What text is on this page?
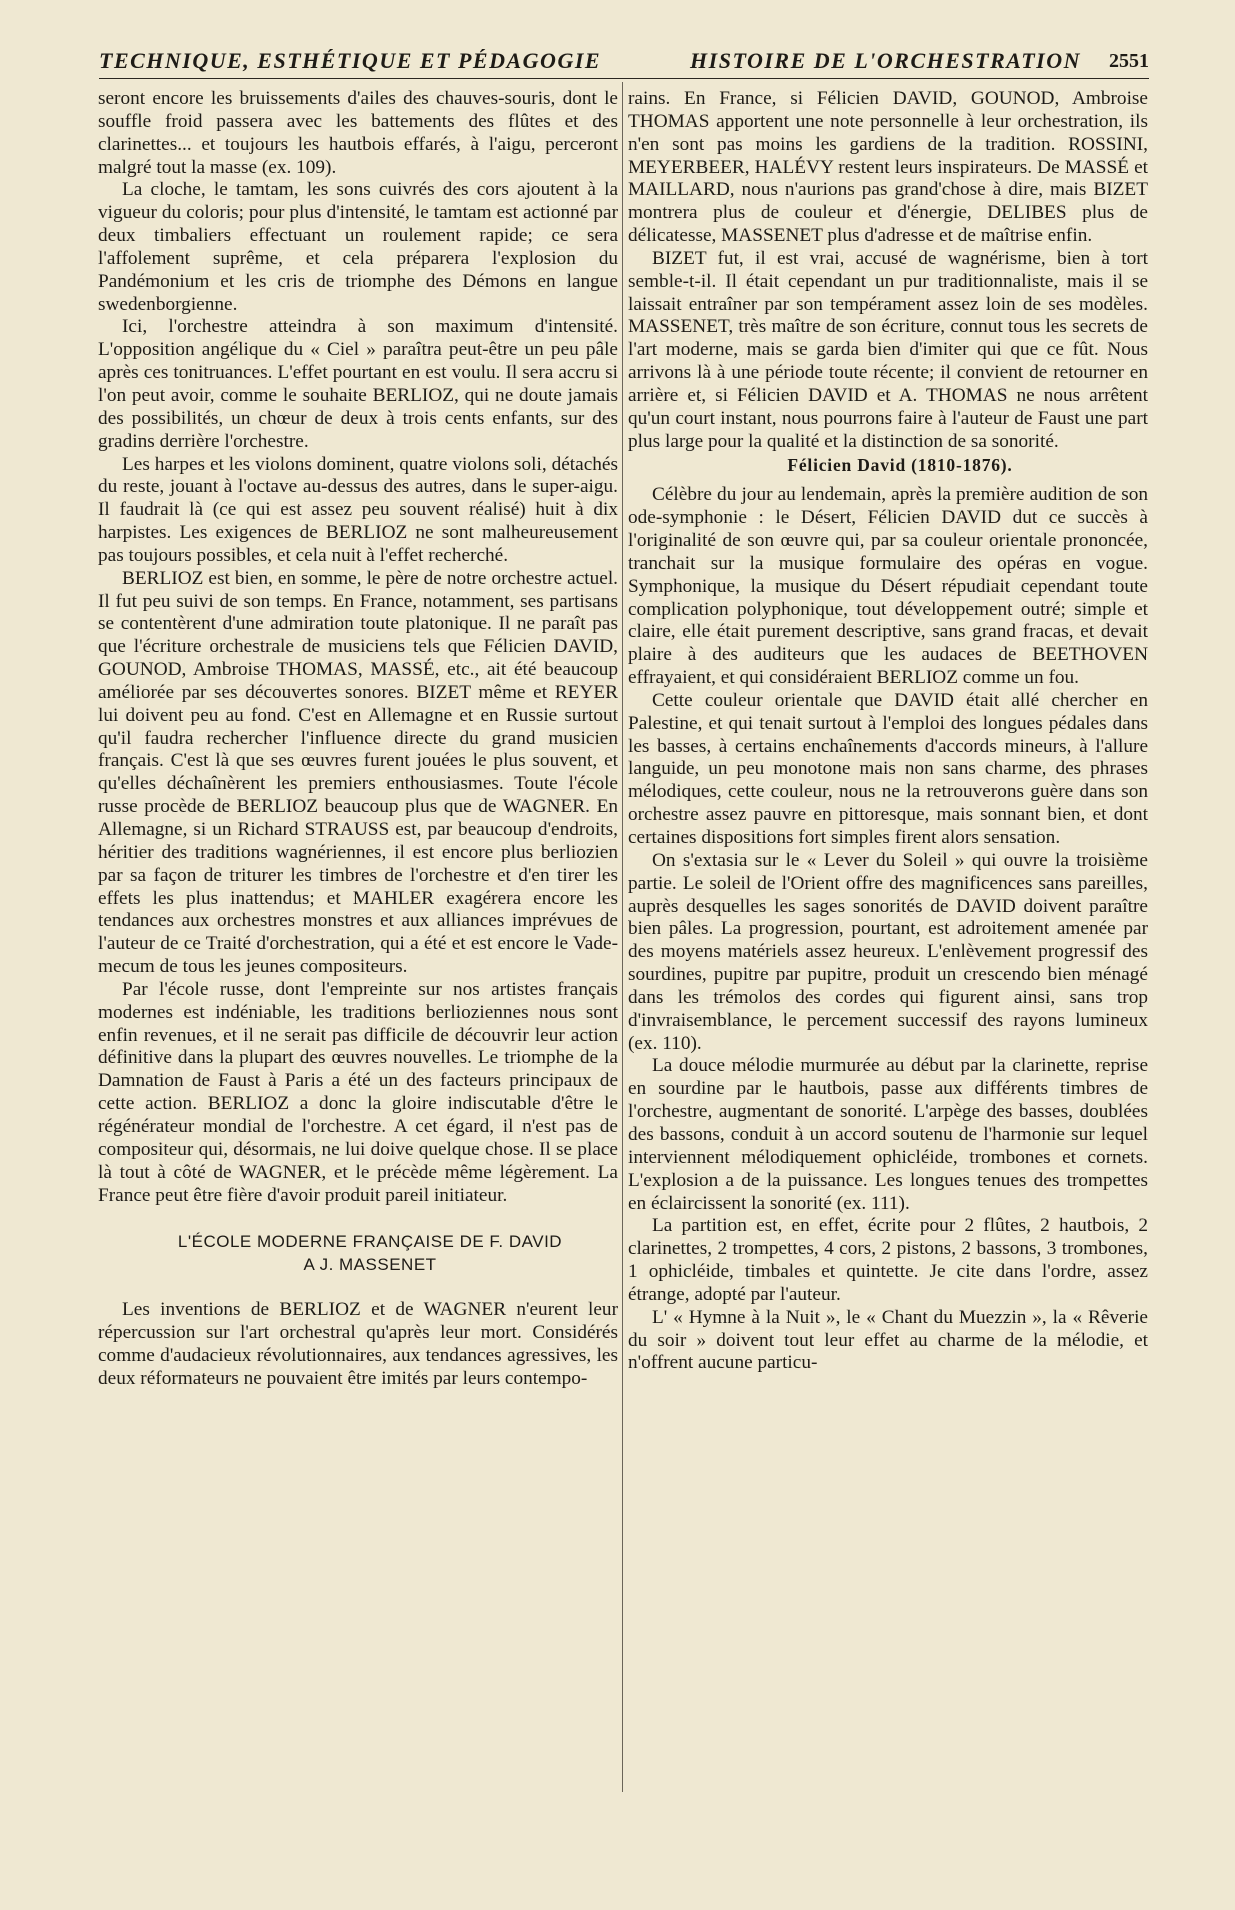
TECHNIQUE, ESTHÉTIQUE ET PÉDAGOGIE	HISTOIRE DE L'ORCHESTRATION 2551

seront encore les bruissements d'ailes des chauves-souris, dont le souffle froid passera avec les battements des flûtes et des clarinettes... et toujours les hautbois effarés, à l'aigu, perceront malgré tout la masse (ex. 109).

La cloche, le tamtam, les sons cuivrés des cors ajoutent à la vigueur du coloris; pour plus d'intensité, le tamtam est actionné par deux timbaliers effectuant un roulement rapide; ce sera l'affolement suprême, et cela préparera l'explosion du Pandémonium et les cris de triomphe des Démons en langue swedenborgienne.

Ici, l'orchestre atteindra à son maximum d'intensité. L'opposition angélique du « Ciel » paraîtra peut-être un peu pâle après ces tonitruances. L'effet pourtant en est voulu. Il sera accru si l'on peut avoir, comme le souhaite BERLIOZ, qui ne doute jamais des possibilités, un chœur de deux à trois cents enfants, sur des gradins derrière l'orchestre.

Les harpes et les violons dominent, quatre violons soli, détachés du reste, jouant à l'octave au-dessus des autres, dans le super-aigu. Il faudrait là (ce qui est assez peu souvent réalisé) huit à dix harpistes. Les exigences de BERLIOZ ne sont malheureusement pas toujours possibles, et cela nuit à l'effet recherché.

BERLIOZ est bien, en somme, le père de notre orchestre actuel. Il fut peu suivi de son temps. En France, notamment, ses partisans se contentèrent d'une admiration toute platonique. Il ne paraît pas que l'écriture orchestrale de musiciens tels que Félicien DAVID, GOUNOD, Ambroise THOMAS, MASSÉ, etc., ait été beaucoup améliorée par ses découvertes sonores. BIZET même et REYER lui doivent peu au fond. C'est en Allemagne et en Russie surtout qu'il faudra rechercher l'influence directe du grand musicien français. C'est là que ses œuvres furent jouées le plus souvent, et qu'elles déchaînèrent les premiers enthousiasmes. Toute l'école russe procède de BERLIOZ beaucoup plus que de WAGNER. En Allemagne, si un Richard STRAUSS est, par beaucoup d'endroits, héritier des traditions wagnériennes, il est encore plus berliozien par sa façon de triturer les timbres de l'orchestre et d'en tirer les effets les plus inattendus; et MAHLER exagérera encore les tendances aux orchestres monstres et aux alliances imprévues de l'auteur de ce Traité d'orchestration, qui a été et est encore le Vade-mecum de tous les jeunes compositeurs.

Par l'école russe, dont l'empreinte sur nos artistes français modernes est indéniable, les traditions berlioziennes nous sont enfin revenues, et il ne serait pas difficile de découvrir leur action définitive dans la plupart des œuvres nouvelles. Le triomphe de la Damnation de Faust à Paris a été un des facteurs principaux de cette action. BERLIOZ a donc la gloire indiscutable d'être le régénérateur mondial de l'orchestre. A cet égard, il n'est pas de compositeur qui, désormais, ne lui doive quelque chose. Il se place là tout à côté de WAGNER, et le précède même légèrement. La France peut être fière d'avoir produit pareil initiateur.

L'ÉCOLE MODERNE FRANÇAISE DE F. DAVID

A J. MASSENET

Les inventions de BERLIOZ et de WAGNER n'eurent leur répercussion sur l'art orchestral qu'après leur mort. Considérés comme d'audacieux révolutionnaires, aux tendances agressives, les deux réformateurs ne pouvaient être imités par leurs contempo-

rains. En France, si Félicien DAVID, GOUNOD, Ambroise THOMAS apportent une note personnelle à leur orchestration, ils n'en sont pas moins les gardiens de la tradition. ROSSINI, MEYERBEER, HALÉVY restent leurs inspirateurs. De MASSÉ et MAILLARD, nous n'aurions pas grand'chose à dire, mais BIZET montrera plus de couleur et d'énergie, DELIBES plus de délicatesse, MASSENET plus d'adresse et de maîtrise enfin.

BIZET fut, il est vrai, accusé de wagnérisme, bien à tort semble-t-il. Il était cependant un pur traditionnaliste, mais il se laissait entraîner par son tempérament assez loin de ses modèles. MASSENET, très maître de son écriture, connut tous les secrets de l'art moderne, mais se garda bien d'imiter qui que ce fût. Nous arrivons là à une période toute récente; il convient de retourner en arrière et, si Félicien DAVID et A. THOMAS ne nous arrêtent qu'un court instant, nous pourrons faire à l'auteur de Faust une part plus large pour la qualité et la distinction de sa sonorité.

Félicien David (1810-1876).

Célèbre du jour au lendemain, après la première audition de son ode-symphonie : le Désert, Félicien DAVID dut ce succès à l'originalité de son œuvre qui, par sa couleur orientale prononcée, tranchait sur la musique formulaire des opéras en vogue. Symphonique, la musique du Désert répudiait cependant toute complication polyphonique, tout développement outré; simple et claire, elle était purement descriptive, sans grand fracas, et devait plaire à des auditeurs que les audaces de BEETHOVEN effrayaient, et qui considéraient BERLIOZ comme un fou.

Cette couleur orientale que DAVID était allé chercher en Palestine, et qui tenait surtout à l'emploi des longues pédales dans les basses, à certains enchaînements d'accords mineurs, à l'allure languide, un peu monotone mais non sans charme, des phrases mélodiques, cette couleur, nous ne la retrouverons guère dans son orchestre assez pauvre en pittoresque, mais sonnant bien, et dont certaines dispositions fort simples firent alors sensation.

On s'extasia sur le « Lever du Soleil » qui ouvre la troisième partie. Le soleil de l'Orient offre des magnificences sans pareilles, auprès desquelles les sages sonorités de DAVID doivent paraître bien pâles. La progression, pourtant, est adroitement amenée par des moyens matériels assez heureux. L'enlèvement progressif des sourdines, pupitre par pupitre, produit un crescendo bien ménagé dans les trémolos des cordes qui figurent ainsi, sans trop d'invraisemblance, le percement successif des rayons lumineux (ex. 110).

La douce mélodie murmurée au début par la clarinette, reprise en sourdine par le hautbois, passe aux différents timbres de l'orchestre, augmentant de sonorité. L'arpège des basses, doublées des bassons, conduit à un accord soutenu de l'harmonie sur lequel interviennent mélodiquement ophicléide, trombones et cornets. L'explosion a de la puissance. Les longues tenues des trompettes en éclaircissent la sonorité (ex. 111).

La partition est, en effet, écrite pour 2 flûtes, 2 hautbois, 2 clarinettes, 2 trompettes, 4 cors, 2 pistons, 2 bassons, 3 trombones, 1 ophicléide, timbales et quintette. Je cite dans l'ordre, assez étrange, adopté par l'auteur.

L' « Hymne à la Nuit », le « Chant du Muezzin », la « Rêverie du soir » doivent tout leur effet au charme de la mélodie, et n'offrent aucune particu-
